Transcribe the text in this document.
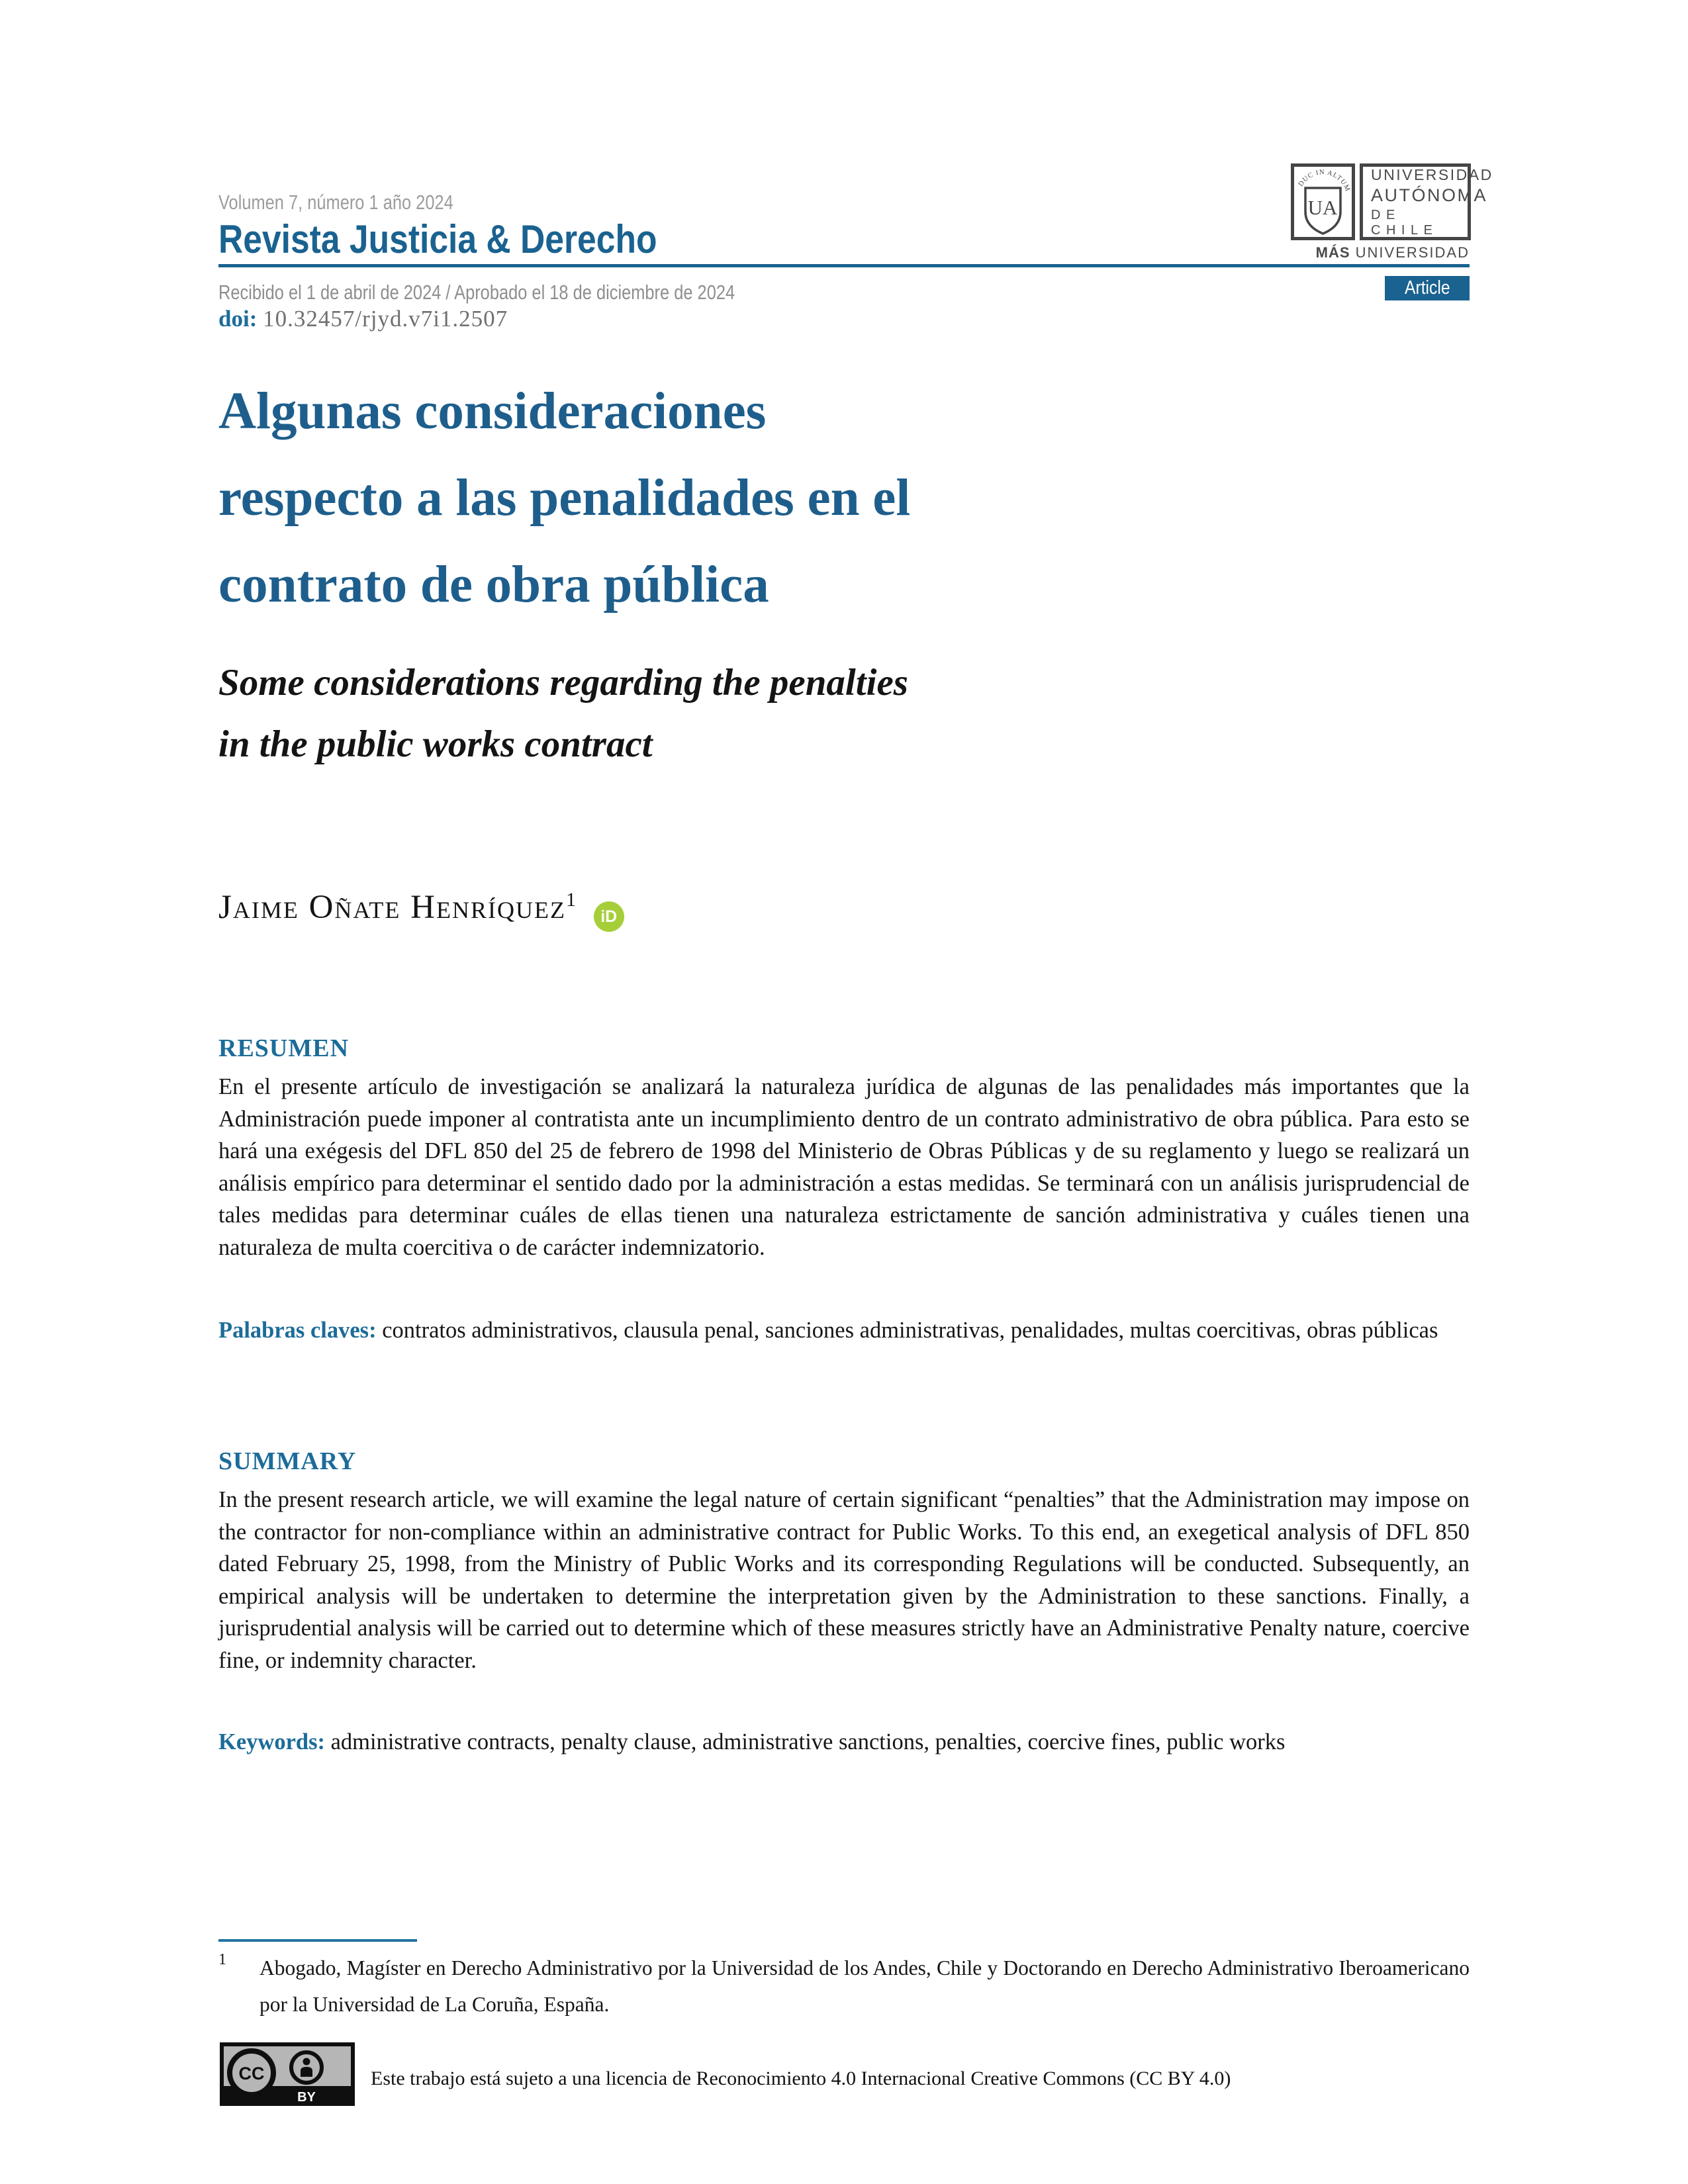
Volumen 7, número 1 año 2024
Revista Justicia & Derecho
Recibido el 1 de abril de 2024 / Aprobado el 18 de diciembre de 2024
doi: 10.32457/rjyd.v7i1.2507
DUC IN ALTUM
UA
UNIVERSIDAD
AUTÓNOMA
DE CHILE
MÁS UNIVERSIDAD
Article
Algunas consideraciones
respecto a las penalidades en el
contrato de obra pública
Some considerations regarding the penalties
in the public works contract
Jaime Oñate Henríquez$^1$ iD
RESUMEN
En el presente artículo de investigación se analizará la naturaleza jurídica de algunas de las penalidades más importantes que la Administración puede imponer al contratista ante un incumplimiento dentro de un contrato administrativo de obra pública. Para esto se hará una exégesis del DFL 850 del 25 de febrero de 1998 del Ministerio de Obras Públicas y de su reglamento y luego se realizará un análisis empírico para determinar el sentido dado por la administración a estas medidas. Se terminará con un análisis jurisprudencial de tales medidas para determinar cuáles de ellas tienen una naturaleza estrictamente de sanción administrativa y cuáles tienen una naturaleza de multa coercitiva o de carácter indemnizatorio.
Palabras claves: contratos administrativos, clausula penal, sanciones administrativas, penalidades, multas coercitivas, obras públicas
SUMMARY
In the present research article, we will examine the legal nature of certain significant “penalties” that the Administration may impose on the contractor for non-compliance within an administrative contract for Public Works. To this end, an exegetical analysis of DFL 850 dated February 25, 1998, from the Ministry of Public Works and its corresponding Regulations will be conducted. Subsequently, an empirical analysis will be undertaken to determine the interpretation given by the Administration to these sanctions. Finally, a jurisprudential analysis will be carried out to determine which of these measures strictly have an Administrative Penalty nature, coercive fine, or indemnity character.
Keywords: administrative contracts, penalty clause, administrative sanctions, penalties, coercive fines, public works
1	Abogado, Magíster en Derecho Administrativo por la Universidad de los Andes, Chile y Doctorando en Derecho Administrativo Iberoamericano por la Universidad de La Coruña, España.
CC
BY
Este trabajo está sujeto a una licencia de Reconocimiento 4.0 Internacional Creative Commons (CC BY 4.0)
